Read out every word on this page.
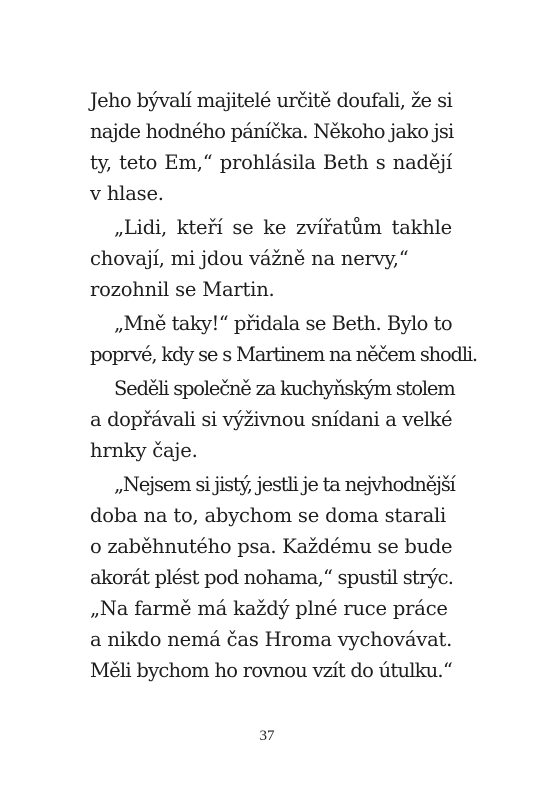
Jeho bývalí majitelé určitě doufali, že si
najde hodného páníčka. Někoho jako jsi
ty, teto Em,“ prohlásila Beth s nadějí
v hlase.
„Lidi, kteří se ke zvířatům takhle
chovají, mi jdou vážně na nervy,“
rozohnil se Martin.
„Mně taky!“ přidala se Beth. Bylo to
poprvé, kdy se s Martinem na něčem shodli.
Seděli společně za kuchyňským stolem
a dopřávali si výživnou snídani a velké
hrnky čaje.
„Nejsem si jistý, jestli je ta nejvhodnější
doba na to, abychom se doma starali
o zaběhnutého psa. Každému se bude
akorát plést pod nohama,“ spustil strýc.
„Na farmě má každý plné ruce práce
a nikdo nemá čas Hroma vychovávat.
Měli bychom ho rovnou vzít do útulku.“
37
